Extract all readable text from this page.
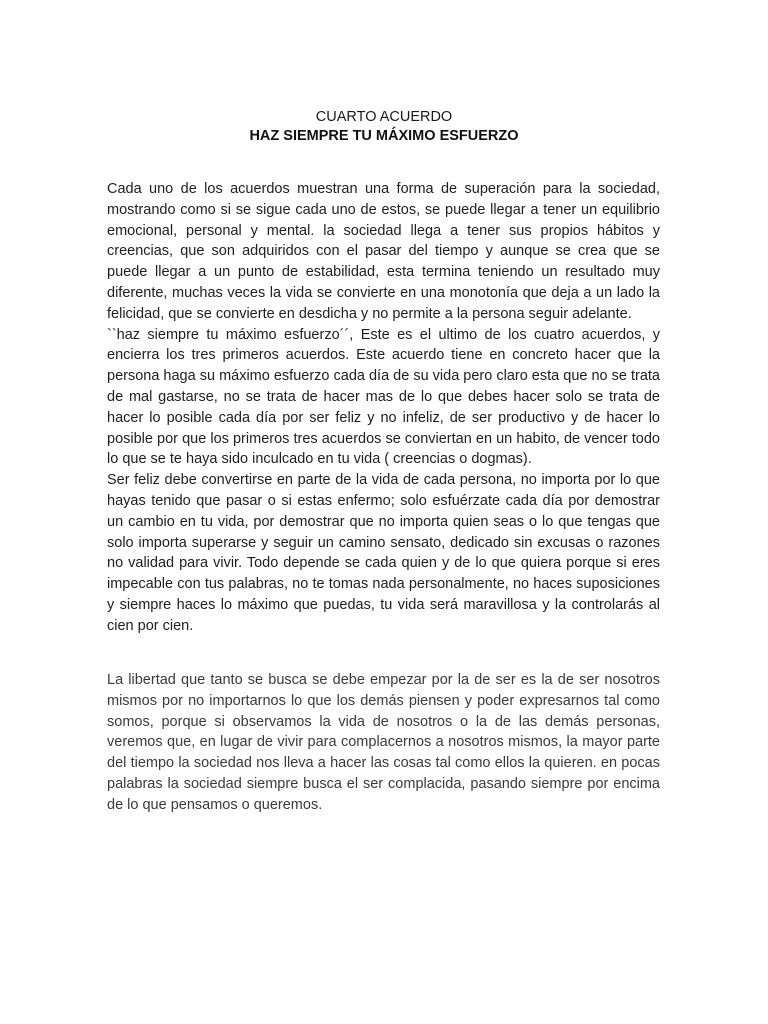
CUARTO ACUERDO
HAZ SIEMPRE TU MÁXIMO ESFUERZO

Cada uno de los acuerdos muestran una forma de superación para la sociedad, mostrando como si se sigue cada uno de estos, se puede llegar a tener un equilibrio emocional, personal y mental. la sociedad llega a tener sus propios hábitos y creencias, que son adquiridos con el pasar del tiempo y aunque se crea que se puede llegar a un punto de estabilidad, esta termina teniendo un resultado muy diferente, muchas veces la vida se convierte en una monotonía que deja a un lado la felicidad, que se convierte en desdicha y no permite a la persona seguir adelante.

``haz siempre tu máximo esfuerzo´´, Este es el ultimo de los cuatro acuerdos, y encierra los tres primeros acuerdos. Este acuerdo tiene en concreto hacer que la persona haga su máximo esfuerzo cada día de su vida pero claro esta que no se trata de mal gastarse, no se trata de hacer mas de lo que debes hacer solo se trata de hacer lo posible cada día por ser feliz y no infeliz, de ser productivo y de hacer lo posible por que los primeros tres acuerdos se conviertan en un habito, de vencer todo lo que se te haya sido inculcado en tu vida ( creencias o dogmas).

Ser feliz debe convertirse en parte de la vida de cada persona, no importa por lo que hayas tenido que pasar o si estas enfermo; solo esfuérzate cada día por demostrar un cambio en tu vida, por demostrar que no importa quien seas o lo que tengas que solo importa superarse y seguir un camino sensato, dedicado sin excusas o razones no validad para vivir. Todo depende se cada quien y de lo que quiera porque si eres impecable con tus palabras, no te tomas nada personalmente, no haces suposiciones y siempre haces lo máximo que puedas, tu vida será maravillosa y la controlarás al cien por cien.

La libertad que tanto se busca se debe empezar por la de ser es la de ser nosotros mismos por no importarnos lo que los demás piensen y poder expresarnos tal como somos, porque si observamos la vida de nosotros o la de las demás personas, veremos que, en lugar de vivir para complacernos a nosotros mismos, la mayor parte del tiempo la sociedad nos lleva a hacer las cosas tal como ellos la quieren. en pocas palabras la sociedad siempre busca el ser complacida, pasando siempre por encima de lo que pensamos o queremos.
